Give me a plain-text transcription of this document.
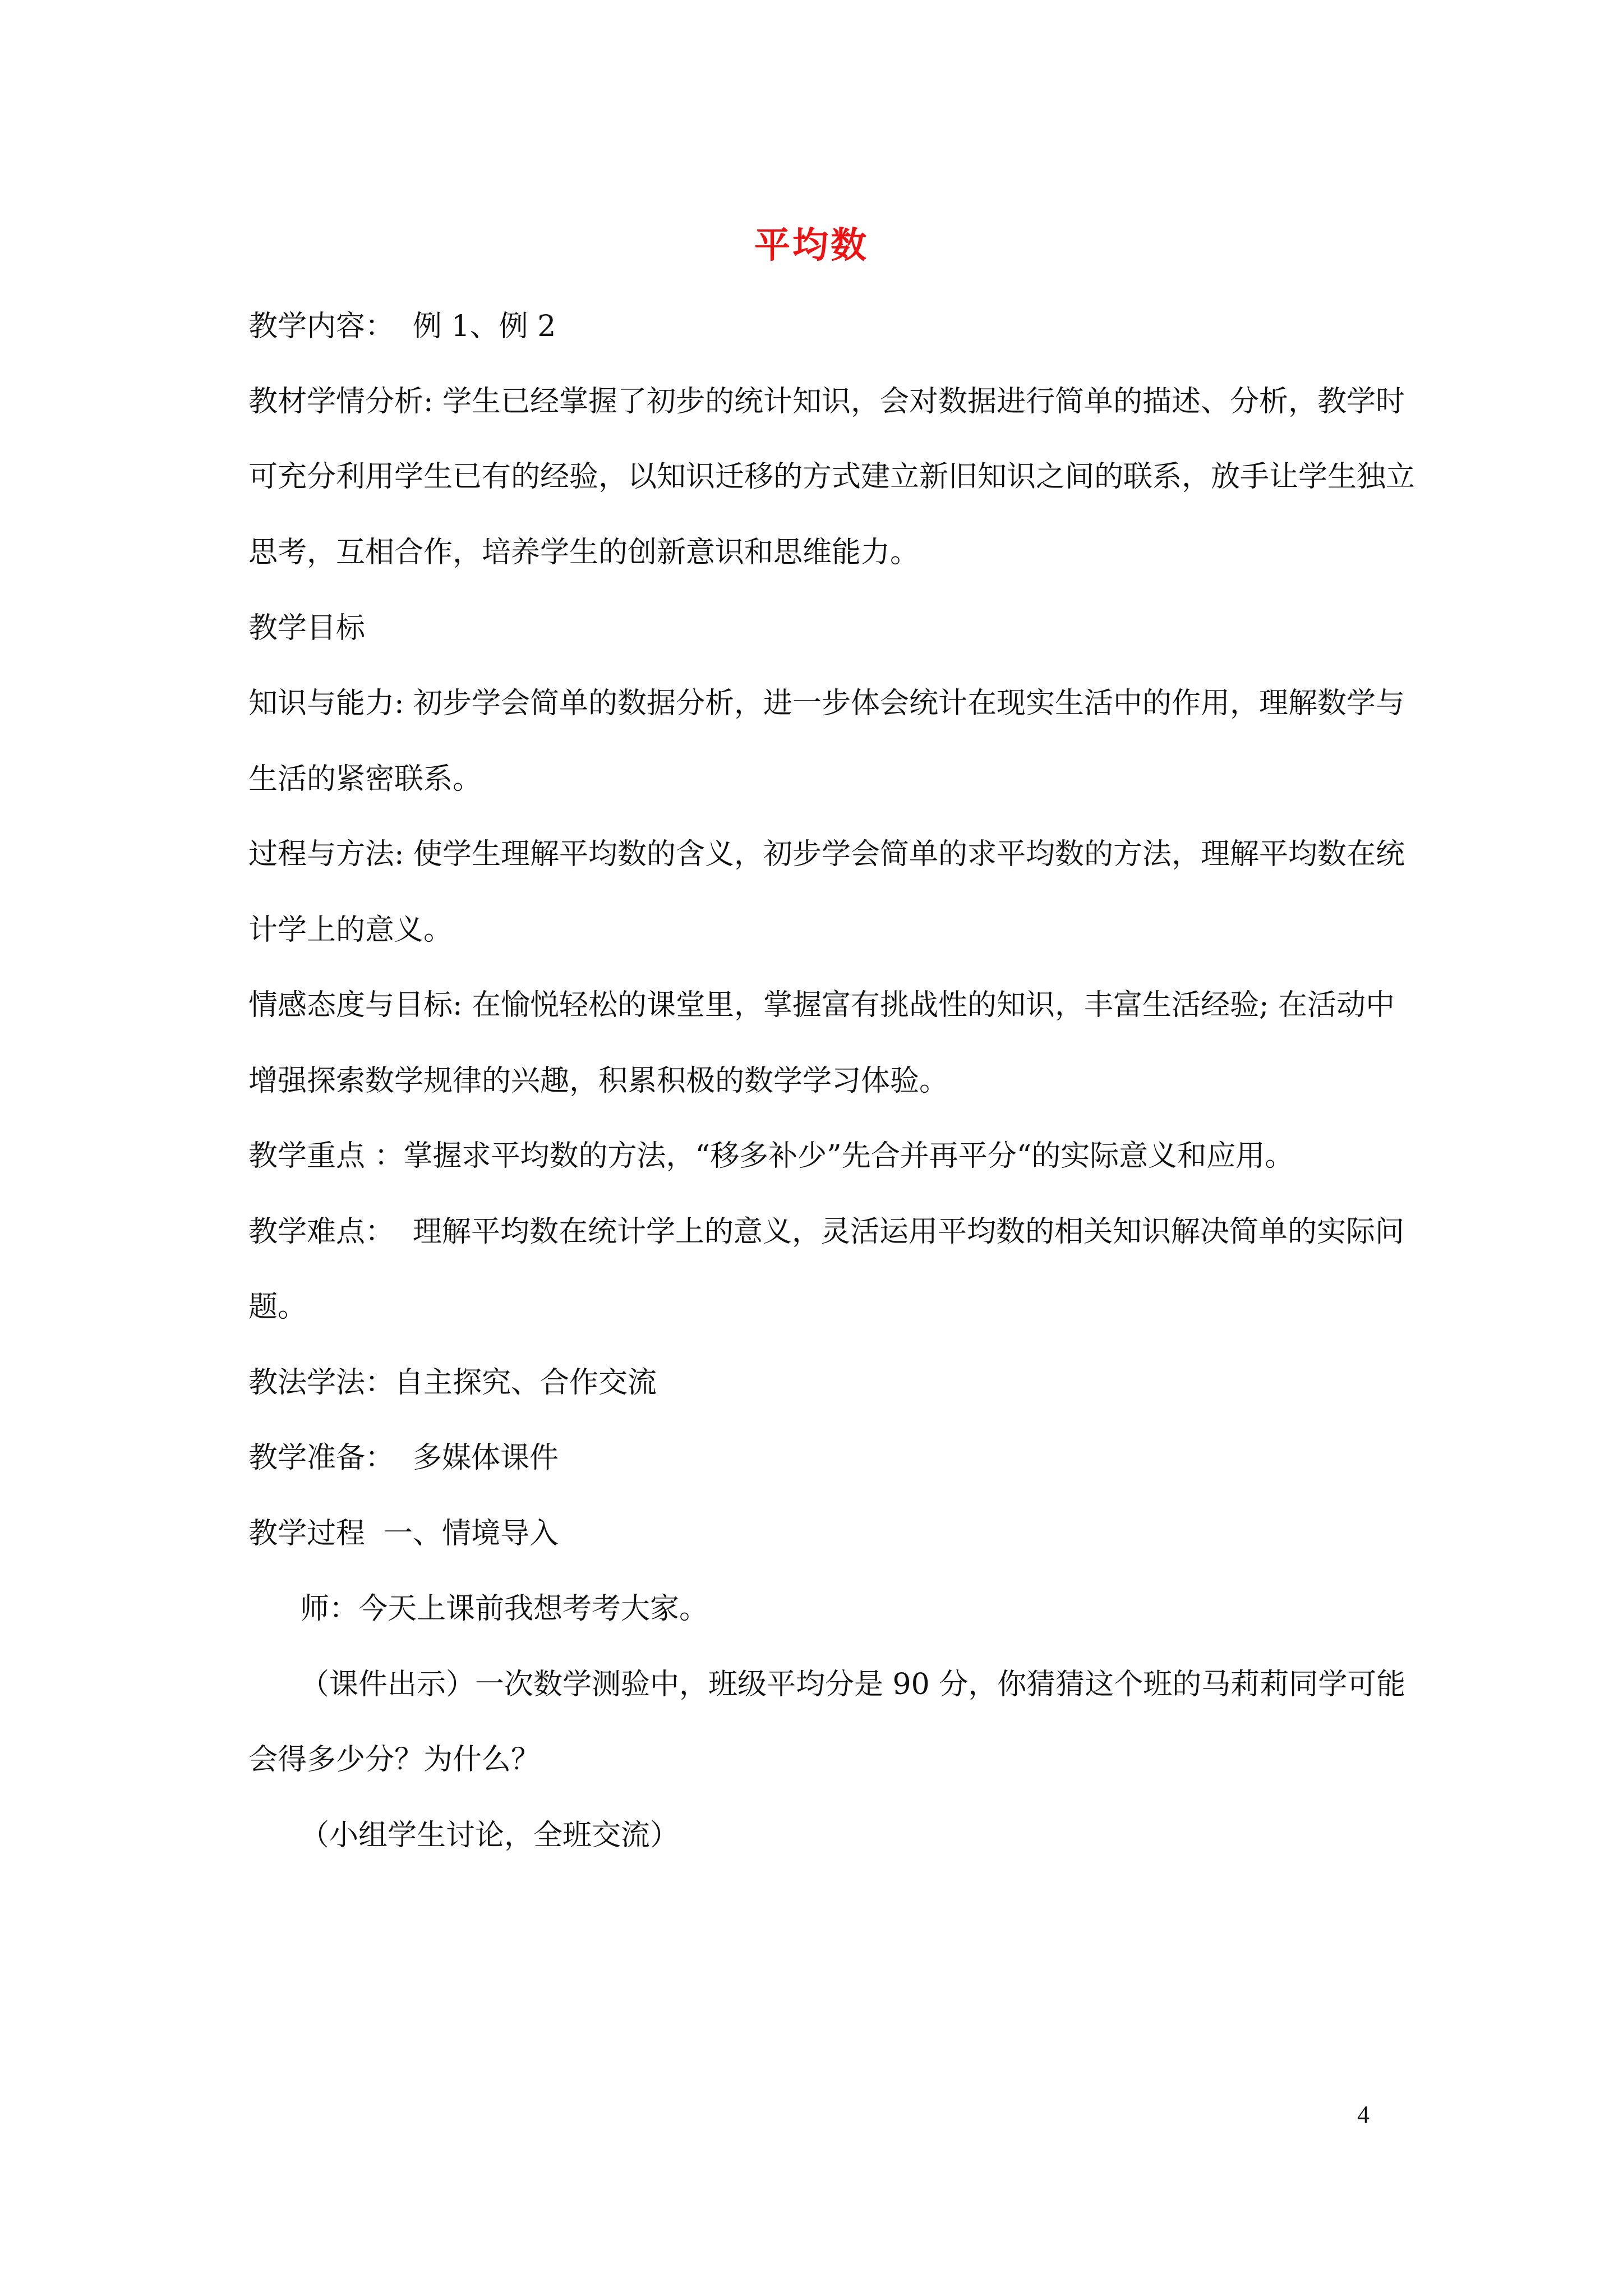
平均数
教学内容：  例 1、例 2
教材学情分析: 学生已经掌握了初步的统计知识，会对数据进行简单的描述、分析，教学时
可充分利用学生已有的经验，以知识迁移的方式建立新旧知识之间的联系，放手让学生独立
思考，互相合作，培养学生的创新意识和思维能力。
教学目标
知识与能力: 初步学会简单的数据分析，进一步体会统计在现实生活中的作用，理解数学与
生活的紧密联系。
过程与方法: 使学生理解平均数的含义，初步学会简单的求平均数的方法，理解平均数在统
计学上的意义。
情感态度与目标: 在愉悦轻松的课堂里，掌握富有挑战性的知识，丰富生活经验; 在活动中
增强探索数学规律的兴趣，积累积极的数学学习体验。
教学重点 ：掌握求平均数的方法，“移多补少”先合并再平分“的实际意义和应用。
教学难点：  理解平均数在统计学上的意义，灵活运用平均数的相关知识解决简单的实际问
题。
教法学法：自主探究、合作交流
教学准备：  多媒体课件
教学过程  一、情境导入
师：今天上课前我想考考大家。
（课件出示）一次数学测验中，班级平均分是 90 分，你猜猜这个班的马莉莉同学可能
会得多少分？为什么？
（小组学生讨论，全班交流）
4
